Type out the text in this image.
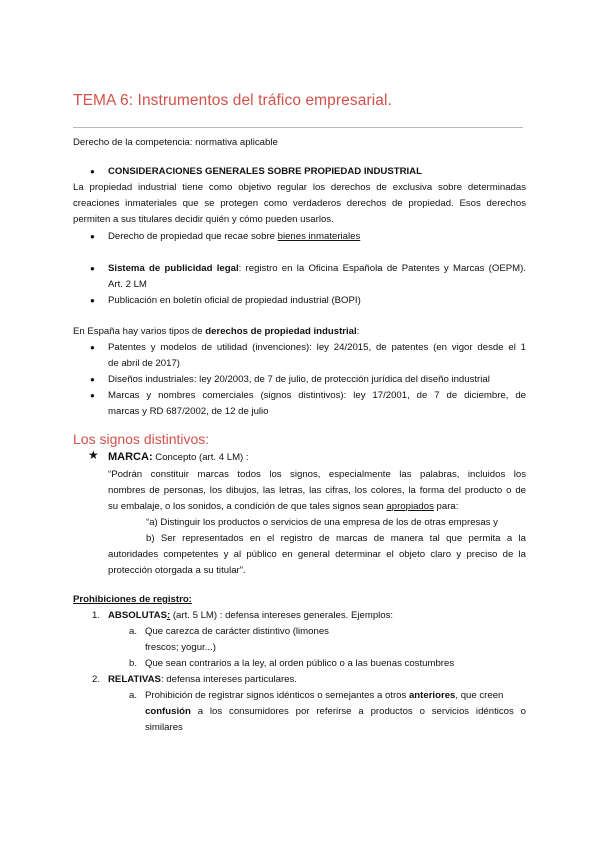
TEMA 6: Instrumentos del tráfico empresarial.
Derecho de la competencia: normativa aplicable
● CONSIDERACIONES GENERALES SOBRE PROPIEDAD INDUSTRIAL
La propiedad industrial tiene como objetivo regular los derechos de exclusiva sobre determinadas
creaciones inmateriales que se protegen como verdaderos derechos de propiedad. Esos derechos
permiten a sus titulares decidir quién y cómo pueden usarlos.
● Derecho de propiedad que recae sobre bienes inmateriales
● Sistema de publicidad legal: registro en la Oficina Española de Patentes y Marcas (OEPM).
Art. 2 LM
● Publicación en boletín oficial de propiedad industrial (BOPI)
En España hay varios tipos de derechos de propiedad industrial:
● Patentes y modelos de utilidad (invenciones): ley 24/2015, de patentes (en vigor desde el 1
de abril de 2017)
● Diseños industriales: ley 20/2003, de 7 de julio, de protección jurídica del diseño industrial
● Marcas y nombres comerciales (signos distintivos): ley 17/2001, de 7 de diciembre, de
marcas y RD 687/2002, de 12 de julio
Los signos distintivos:
★ MARCA: Concepto (art. 4 LM) :
“Podrán constituir marcas todos los signos, especialmente las palabras, incluidos los
nombres de personas, los dibujos, las letras, las cifras, los colores, la forma del producto o de
su embalaje, o los sonidos, a condición de que tales signos sean apropiados para:
“a) Distinguir los productos o servicios de una empresa de los de otras empresas y
b) Ser representados en el registro de marcas de manera tal que permita a la
autoridades competentes y al público en general determinar el objeto claro y preciso de la
protección otorgada a su titular”.
Prohibiciones de registro:
1. ABSOLUTAS: (art. 5 LM) : defensa intereses generales. Ejemplos:
a. Que carezca de carácter distintivo (limones
frescos; yogur...)
b. Que sean contrarios a la ley, al orden público o a las buenas costumbres
2. RELATIVAS: defensa intereses particulares.
a. Prohibición de registrar signos idénticos o semejantes a otros anteriores, que creen
confusión a los consumidores por referirse a productos o servicios idénticos o
similares
